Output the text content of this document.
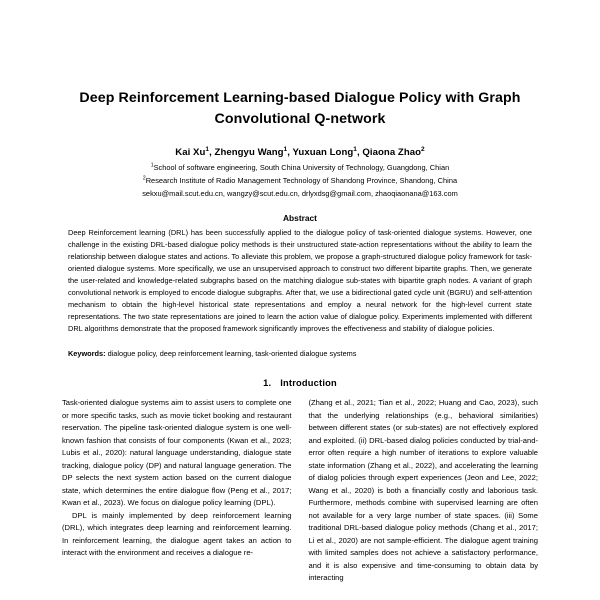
Deep Reinforcement Learning-based Dialogue Policy with Graph Convolutional Q-network
Kai Xu$^1$, Zhengyu Wang$^1$, Yuxuan Long$^1$, Qiaona Zhao$^2$
$^1$School of software engineering, South China University of Technology, Guangdong, Chian
$^2$Research Institute of Radio Management Technology of Shandong Province, Shandong, China
sekxu@mail.scut.edu.cn, wangzy@scut.edu.cn, drlyxdsg@gmail.com, zhaoqiaonana@163.com
Abstract

Deep Reinforcement learning (DRL) has been successfully applied to the dialogue policy of task-oriented dialogue systems. However, one challenge in the existing DRL-based dialogue policy methods is their unstructured state-action representations without the ability to learn the relationship between dialogue states and actions. To alleviate this problem, we propose a graph-structured dialogue policy framework for task-oriented dialogue systems. More specifically, we use an unsupervised approach to construct two different bipartite graphs. Then, we generate the user-related and knowledge-related subgraphs based on the matching dialogue sub-states with bipartite graph nodes. A variant of graph convolutional network is employed to encode dialogue subgraphs. After that, we use a bidirectional gated cycle unit (BGRU) and self-attention mechanism to obtain the high-level historical state representations and employ a neural network for the high-level current state representations. The two state representations are joined to learn the action value of dialogue policy. Experiments implemented with different DRL algorithms demonstrate that the proposed framework significantly improves the effectiveness and stability of dialogue policies.

Keywords: dialogue policy, deep reinforcement learning, task-oriented dialogue systems
1. Introduction

Task-oriented dialogue systems aim to assist users to complete one or more specific tasks, such as movie ticket booking and restaurant reservation. The pipeline task-oriented dialogue system is one well-known fashion that consists of four components (Kwan et al., 2023; Lubis et al., 2020): natural language understanding, dialogue state tracking, dialogue policy (DP) and natural language generation. The DP selects the next system action based on the current dialogue state, which determines the entire dialogue flow (Peng et al., 2017; Kwan et al., 2023). We focus on dialogue policy learning (DPL).

DPL is mainly implemented by deep reinforcement learning (DRL), which integrates deep learning and reinforcement learning. In reinforcement learning, the dialogue agent takes an action to interact with the environment and receives a dialogue re-

(Zhang et al., 2021; Tian et al., 2022; Huang and Cao, 2023), such that the underlying relationships (e.g., behavioral similarities) between different states (or sub-states) are not effectively explored and exploited. (ii) DRL-based dialog policies conducted by trial-and-error often require a high number of iterations to explore valuable state information (Zhang et al., 2022), and accelerating the learning of dialog policies through expert experiences (Jeon and Lee, 2022; Wang et al., 2020) is both a financially costly and laborious task. Furthermore, methods combine with supervised learning are often not available for a very large number of state spaces. (iii) Some traditional DRL-based dialogue policy methods (Chang et al., 2017; Li et al., 2020) are not sample-efficient. The dialogue agent training with limited samples does not achieve a satisfactory performance, and it is also expensive and time-consuming to obtain data by interacting
